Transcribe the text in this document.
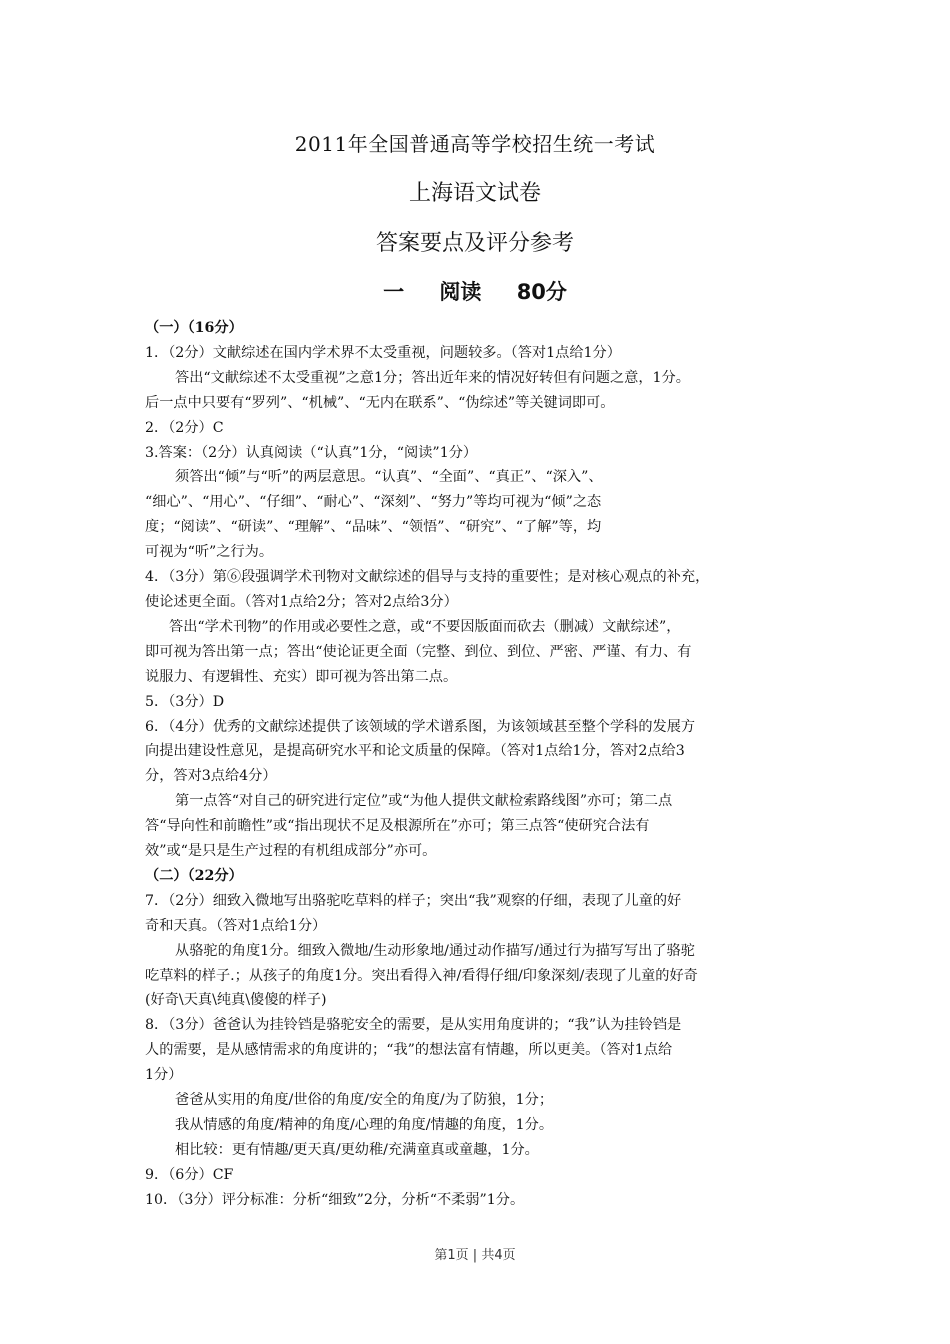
2011年全国普通高等学校招生统一考试
上海语文试卷
答案要点及评分参考
一 阅读 80分
（一）（16分）
1．（2分）文献综述在国内学术界不太受重视，问题较多。（答对1点给1分）
答出“文献综述不太受重视”之意1分；答出近年来的情况好转但有问题之意，1分。
后一点中只要有“罗列”、“机械”、“无内在联系”、“伪综述”等关键词即可。
2．（2分）C
3.答案：（2分）认真阅读（“认真”1分，“阅读”1分）
须答出“倾”与“听”的两层意思。“认真”、“全面”、“真正”、“深入”、
“细心”、“用心”、“仔细”、“耐心”、“深刻”、“努力”等均可视为“倾”之态
度；“阅读”、“研读”、“理解”、“品味”、“领悟”、“研究”、“了解”等，均
可视为“听”之行为。
4．（3分）第⑥段强调学术刊物对文献综述的倡导与支持的重要性；是对核心观点的补充，
使论述更全面。（答对1点给2分；答对2点给3分）
答出“学术刊物”的作用或必要性之意，或“不要因版面而砍去（删减）文献综述”，
即可视为答出第一点；答出“使论证更全面（完整、到位、到位、严密、严谨、有力、有
说服力、有逻辑性、充实）即可视为答出第二点。
5．（3分）D
6．（4分）优秀的文献综述提供了该领域的学术谱系图，为该领域甚至整个学科的发展方
向提出建设性意见，是提高研究水平和论文质量的保障。（答对1点给1分，答对2点给3
分，答对3点给4分）
第一点答“对自己的研究进行定位”或“为他人提供文献检索路线图”亦可；第二点
答“导向性和前瞻性”或“指出现状不足及根源所在”亦可；第三点答“使研究合法有
效”或“是只是生产过程的有机组成部分”亦可。
（二）（22分）
7．（2分）细致入微地写出骆驼吃草料的样子；突出“我”观察的仔细，表现了儿童的好
奇和天真。（答对1点给1分）
从骆驼的角度1分。细致入微地/生动形象地/通过动作描写/通过行为描写写出了骆驼
吃草料的样子.；从孩子的角度1分。突出看得入神/看得仔细/印象深刻/表现了儿童的好奇
(好奇\天真\纯真\傻傻的样子)
8．（3分）爸爸认为挂铃铛是骆驼安全的需要，是从实用角度讲的；“我”认为挂铃铛是
人的需要，是从感情需求的角度讲的；“我”的想法富有情趣，所以更美。（答对1点给
1分）
爸爸从实用的角度/世俗的角度/安全的角度/为了防狼，1分；
我从情感的角度/精神的角度/心理的角度/情趣的角度，1分。
相比较：更有情趣/更天真/更幼稚/充满童真或童趣，1分。
9．（6分）CF
10．（3分）评分标准：分析“细致”2分，分析“不柔弱”1分。
第1页 | 共4页
